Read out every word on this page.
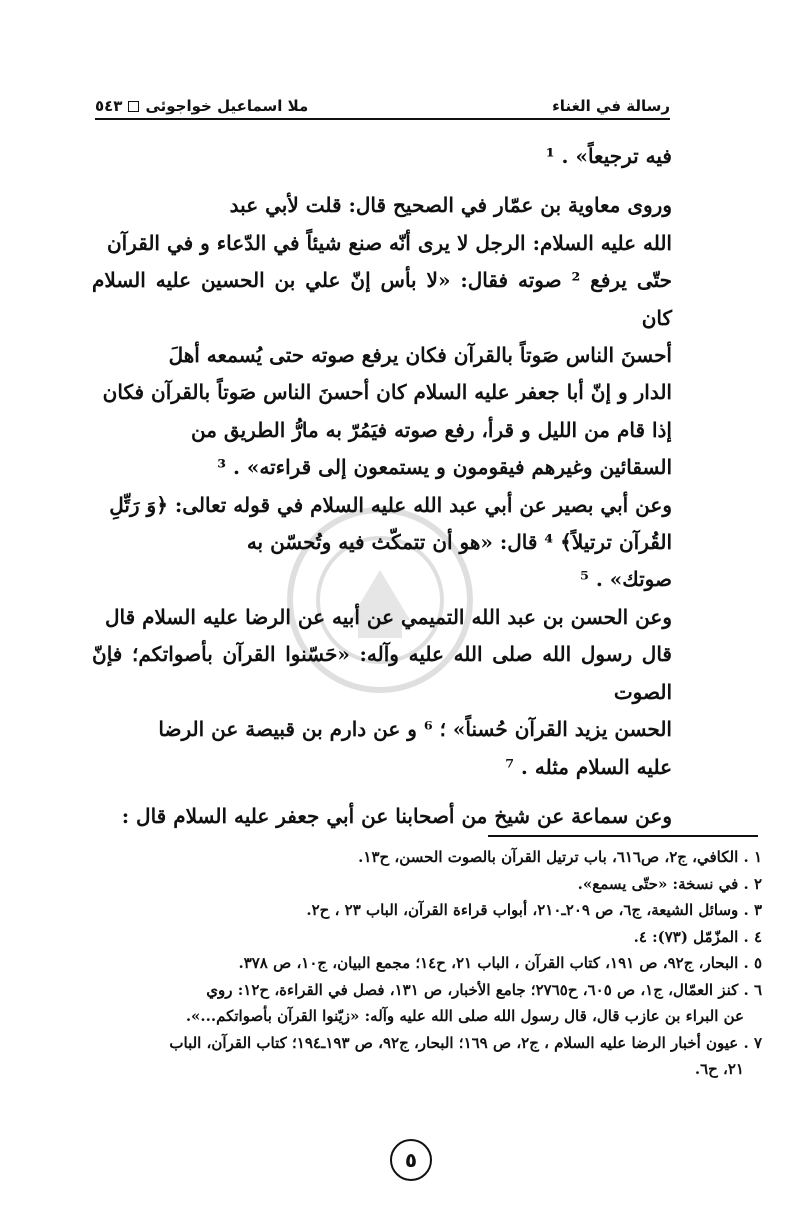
رسالة في الغناء
ملا اسماعیل خواجوئی
٥٤٣

فيه ترجيعاً» . ¹

وروى معاوية بن عمّار في الصحيح قال: قلت لأبي عبد

الله عليه السلام: الرجل لا يرى أنّه صنع شيئاً في الدّعاء و في القرآن

حتّى يرفع ² صوته فقال: «لا بأس إنّ علي بن الحسين عليه السلام كان

أحسنَ الناس صَوتاً بالقرآن فكان يرفع صوته حتى يُسمعه أهلَ

الدار و إنّ أبا جعفر عليه السلام كان أحسنَ الناس صَوتاً بالقرآن فكان

إذا قام من الليل و قرأ، رفع صوته فيَمُرّ به مارُّ الطريق من

السقائين وغيرهم فيقومون و يستمعون إلى قراءته» . ³

وعن أبي بصير عن أبي عبد الله عليه السلام في قوله تعالى: ﴿وَ رَتِّلِ

القُرآن ترتيلاً﴾ ⁴ قال: «هو أن تتمكّث فيه وتُحسّن به

صوتك» . ⁵

وعن الحسن بن عبد الله التميمي عن أبيه عن الرضا عليه السلام قال

قال رسول الله صلى الله عليه وآله: «حَسّنوا القرآن بأصواتكم؛ فإنّ الصوت

الحسن يزيد القرآن حُسناً» ؛ ⁶ و عن دارم بن قبيصة عن الرضا

عليه السلام مثله . ⁷

وعن سماعة عن شيخ من أصحابنا عن أبي جعفر عليه السلام قال :

١ . الكافي، ج٢، ص٦١٦، باب ترتيل القرآن بالصوت الحسن، ح١٣.

٢ . في نسخة: «حتّى يسمع».

٣ . وسائل الشيعة، ج٦، ص ٢٠٩ـ٢١٠، أبواب قراءة القرآن، الباب ٢٣ ، ح٢.

٤ . المزّمّل (٧٣): ٤.

٥ . البحار، ج٩٢، ص ١٩١، كتاب القرآن ، الباب ٢١، ح١٤؛ مجمع البيان، ج١٠، ص ٣٧٨.

٦ . كنز العمّال، ج١، ص ٦٠٥، ح٢٧٦٥؛ جامع الأخبار، ص ١٣١، فصل في القراءة، ح١٢: روي

عن البراء بن عازب قال، قال رسول الله صلى الله عليه وآله: «زيّنوا القرآن بأصواتكم...».

٧ . عيون أخبار الرضا عليه السلام ، ج٢، ص ١٦٩؛ البحار، ج٩٢، ص ١٩٣ـ١٩٤؛ كتاب القرآن، الباب

٢١، ح٦.

٥
